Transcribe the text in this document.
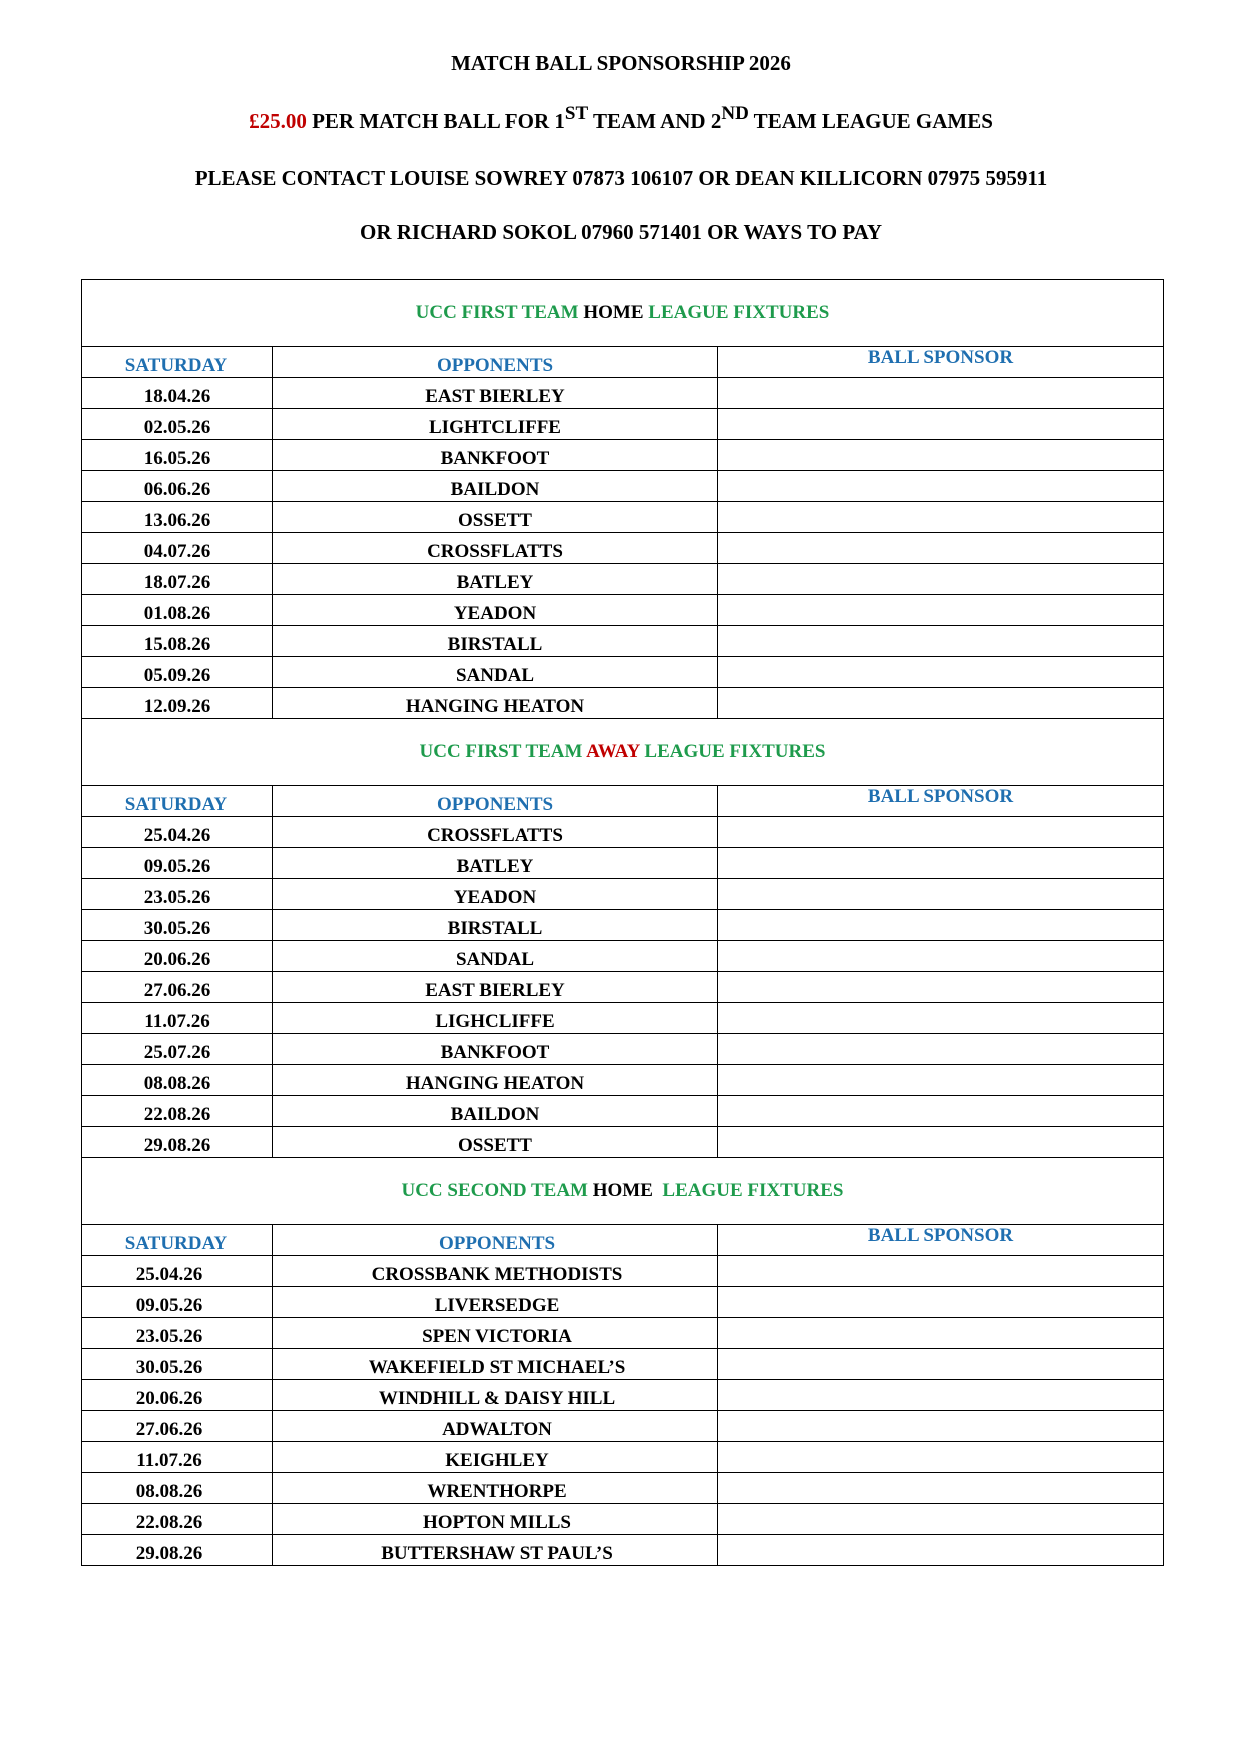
MATCH BALL SPONSORSHIP 2026
£25.00 PER MATCH BALL FOR 1ST TEAM AND 2ND TEAM LEAGUE GAMES
PLEASE CONTACT LOUISE SOWREY 07873 106107 OR DEAN KILLICORN 07975 595911
OR RICHARD SOKOL 07960 571401 OR WAYS TO PAY
UCC FIRST TEAM HOME LEAGUE FIXTURES		
SATURDAY	OPPONENTS	BALL SPONSOR
18.04.26	EAST BIERLEY	
02.05.26	LIGHTCLIFFE	
16.05.26	BANKFOOT	
06.06.26	BAILDON	
13.06.26	OSSETT	
04.07.26	CROSSFLATTS	
18.07.26	BATLEY	
01.08.26	YEADON	
15.08.26	BIRSTALL	
05.09.26	SANDAL	
12.09.26	HANGING HEATON	
UCC FIRST TEAM AWAY LEAGUE FIXTURES		
SATURDAY	OPPONENTS	BALL SPONSOR
25.04.26	CROSSFLATTS	
09.05.26	BATLEY	
23.05.26	YEADON	
30.05.26	BIRSTALL	
20.06.26	SANDAL	
27.06.26	EAST BIERLEY	
11.07.26	LIGHCLIFFE	
25.07.26	BANKFOOT	
08.08.26	HANGING HEATON	
22.08.26	BAILDON	
29.08.26	OSSETT	
UCC SECOND TEAM HOME  LEAGUE FIXTURES		
SATURDAY	OPPONENTS	BALL SPONSOR
25.04.26	CROSSBANK METHODISTS	
09.05.26	LIVERSEDGE	
23.05.26	SPEN VICTORIA	
30.05.26	WAKEFIELD ST MICHAEL’S	
20.06.26	WINDHILL & DAISY HILL	
27.06.26	ADWALTON	
11.07.26	KEIGHLEY	
08.08.26	WRENTHORPE	
22.08.26	HOPTON MILLS	
29.08.26	BUTTERSHAW ST PAUL’S	
